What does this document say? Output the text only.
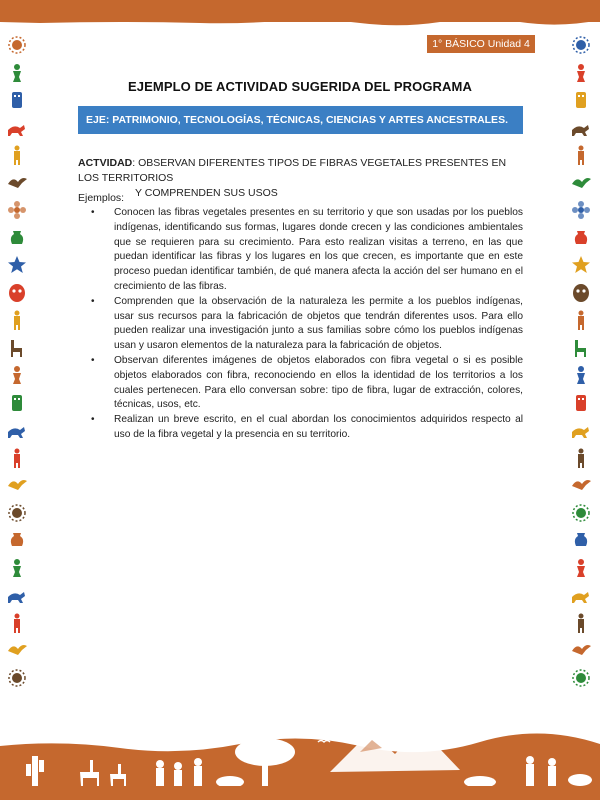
1° BÁSICO Unidad 4
EJEMPLO DE ACTIVIDAD SUGERIDA DEL PROGRAMA
EJE: PATRIMONIO, TECNOLOGÍAS, TÉCNICAS, CIENCIAS Y ARTES ANCESTRALES.
ACTVIDAD: OBSERVAN DIFERENTES TIPOS DE FIBRAS VEGETALES PRESENTES EN LOS TERRITORIOS
Y COMPRENDEN SUS USOS
Ejemplos:
• Conocen las fibras vegetales presentes en su territorio y que son usadas por los pueblos indígenas, identificando sus formas, lugares donde crecen y las condiciones ambientales que se requieren para su crecimiento. Para esto realizan visitas a terreno, en las que puedan identificar las fibras y los lugares en los que crecen, es importante que en este proceso puedan identificar también, de qué manera afecta la acción del ser humano en el crecimiento de las fibras.
• Comprenden que la observación de la naturaleza les permite a los pueblos indígenas, usar sus recursos para la fabricación de objetos que tendrán diferentes usos. Para ello pueden realizar una investigación junto a sus familias sobre cómo los pueblos indígenas usan y usaron elementos de la naturaleza para la fabricación de objetos.
• Observan diferentes imágenes de objetos elaborados con fibra vegetal o si es posible objetos elaborados con fibra, reconociendo en ellos la identidad de los territorios a los cuales pertenecen. Para ello conversan sobre: tipo de fibra, lugar de extracción, colores, técnicas, usos, etc.
• Realizan un breve escrito, en el cual abordan los conocimientos adquiridos respecto al uso de la fibra vegetal y la presencia en su territorio.
